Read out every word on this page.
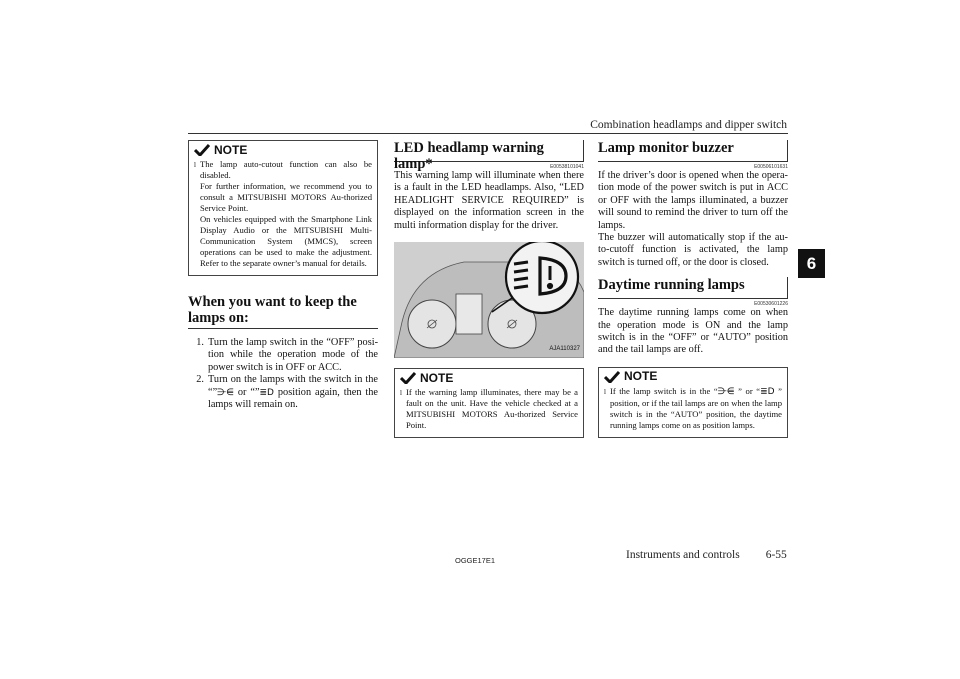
Combination headlamps and dipper switch
6
NOTE
l The lamp auto-cutout function can also be disabled.

For further information, we recommend you to consult a MITSUBISHI MOTORS Au-thorized Service Point.

On vehicles equipped with the Smartphone Link Display Audio or the MITSUBISHI Multi-Communication System (MMCS), screen operations can be used to make the adjustment. Refer to the separate owner’s manual for details.

When you want to keep the lamps on:
1. Turn the lamp switch in the “OFF” posi-tion while the operation mode of the power switch is in OFF or ACC.
2. Turn on the lamps with the switch in the “”⋺⋹ or “”≣D position again, then the lamps will remain on.
LED headlamp warning lamp*	E00538101041
This warning lamp will illuminate when there is a fault in the LED headlamps. Also, “LED HEADLIGHT SERVICE REQUIRED” is displayed on the information screen in the multi information display for the driver.
AJA110327
NOTE
l If the warning lamp illuminates, there may be a fault on the unit. Have the vehicle checked at a MITSUBISHI MOTORS Au-thorized Service Point.

Lamp monitor buzzer
E00506101631
If the driver’s door is opened when the opera-tion mode of the power switch is put in ACC or OFF with the lamps illuminated, a buzzer will sound to remind the driver to turn off the lamps.
The buzzer will automatically stop if the au-to-cutoff function is activated, the lamp switch is turned off, or the door is closed.
Daytime running lamps
E00530601226
The daytime running lamps come on when the operation mode is ON and the lamp switch is in the “OFF” or “AUTO” position and the tail lamps are off.
NOTE
l If the lamp switch is in the “⋺⋹ ” or “≣D ” position, or if the tail lamps are on when the lamp switch is in the “AUTO” position, the daytime running lamps come on as position lamps.

OGGE17E1	Instruments and controls 6-55
